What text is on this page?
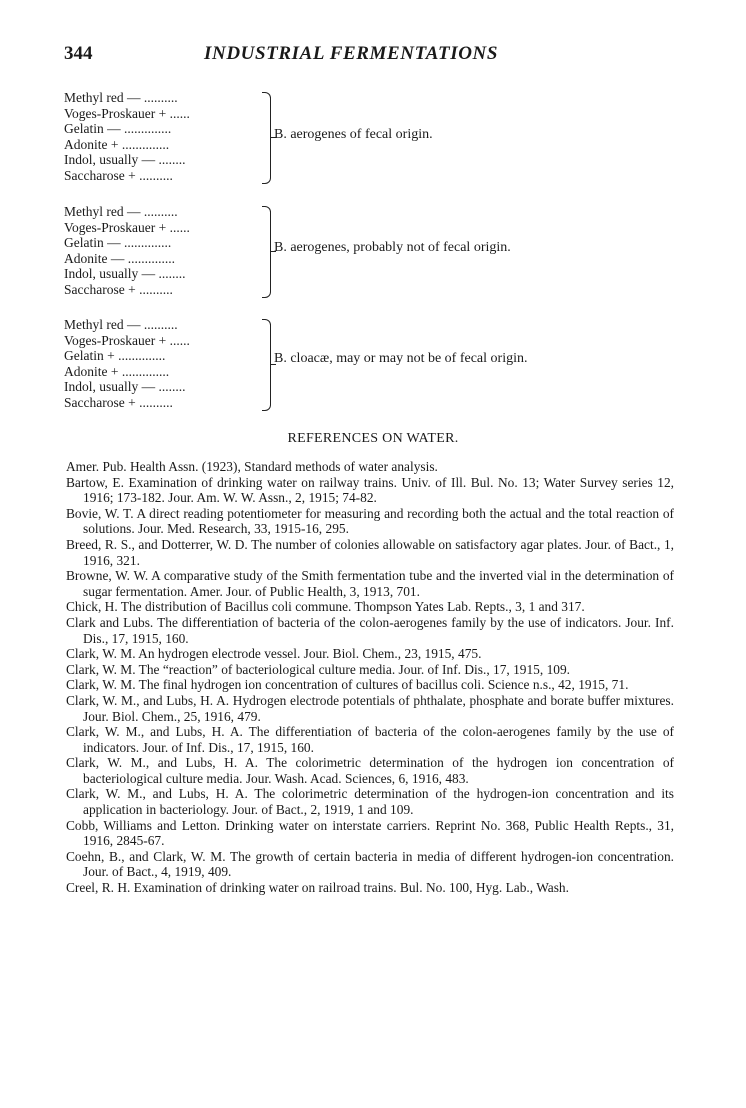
344	INDUSTRIAL FERMENTATIONS
Methyl red — ..........
Voges-Proskauer + ......
Gelatin — ..............
Adonite + ..............
Indol, usually — ........
Saccharose + ..........
B. aerogenes of fecal origin.
Methyl red — ..........
Voges-Proskauer + ......
Gelatin — ..............
Adonite — ..............
Indol, usually — ........
Saccharose + ..........
B. aerogenes, probably not of fecal origin.
Methyl red — ..........
Voges-Proskauer + ......
Gelatin + ..............
Adonite + ..............
Indol, usually — ........
Saccharose + ..........
B. cloacæ, may or may not be of fecal origin.
REFERENCES ON WATER.

Amer. Pub. Health Assn. (1923), Standard methods of water analysis.

Bartow, E. Examination of drinking water on railway trains. Univ. of Ill. Bul. No. 13; Water Survey series 12, 1916; 173-182. Jour. Am. W. W. Assn., 2, 1915; 74-82.

Bovie, W. T. A direct reading potentiometer for measuring and recording both the actual and the total reaction of solutions. Jour. Med. Research, 33, 1915-16, 295.

Breed, R. S., and Dotterrer, W. D. The number of colonies allowable on satisfactory agar plates. Jour. of Bact., 1, 1916, 321.

Browne, W. W. A comparative study of the Smith fermentation tube and the inverted vial in the determination of sugar fermentation. Amer. Jour. of Public Health, 3, 1913, 701.

Chick, H. The distribution of Bacillus coli commune. Thompson Yates Lab. Repts., 3, 1 and 317.

Clark and Lubs. The differentiation of bacteria of the colon-aerogenes family by the use of indicators. Jour. Inf. Dis., 17, 1915, 160.

Clark, W. M. An hydrogen electrode vessel. Jour. Biol. Chem., 23, 1915, 475.

Clark, W. M. The “reaction” of bacteriological culture media. Jour. of Inf. Dis., 17, 1915, 109.

Clark, W. M. The final hydrogen ion concentration of cultures of bacillus coli. Science n.s., 42, 1915, 71.

Clark, W. M., and Lubs, H. A. Hydrogen electrode potentials of phthalate, phosphate and borate buffer mixtures. Jour. Biol. Chem., 25, 1916, 479.

Clark, W. M., and Lubs, H. A. The differentiation of bacteria of the colon-aerogenes family by the use of indicators. Jour. of Inf. Dis., 17, 1915, 160.

Clark, W. M., and Lubs, H. A. The colorimetric determination of the hydrogen ion concentration of bacteriological culture media. Jour. Wash. Acad. Sciences, 6, 1916, 483.

Clark, W. M., and Lubs, H. A. The colorimetric determination of the hydrogen-ion concentration and its application in bacteriology. Jour. of Bact., 2, 1919, 1 and 109.

Cobb, Williams and Letton. Drinking water on interstate carriers. Reprint No. 368, Public Health Repts., 31, 1916, 2845-67.

Coehn, B., and Clark, W. M. The growth of certain bacteria in media of different hydrogen-ion concentration. Jour. of Bact., 4, 1919, 409.

Creel, R. H. Examination of drinking water on railroad trains. Bul. No. 100, Hyg. Lab., Wash.
